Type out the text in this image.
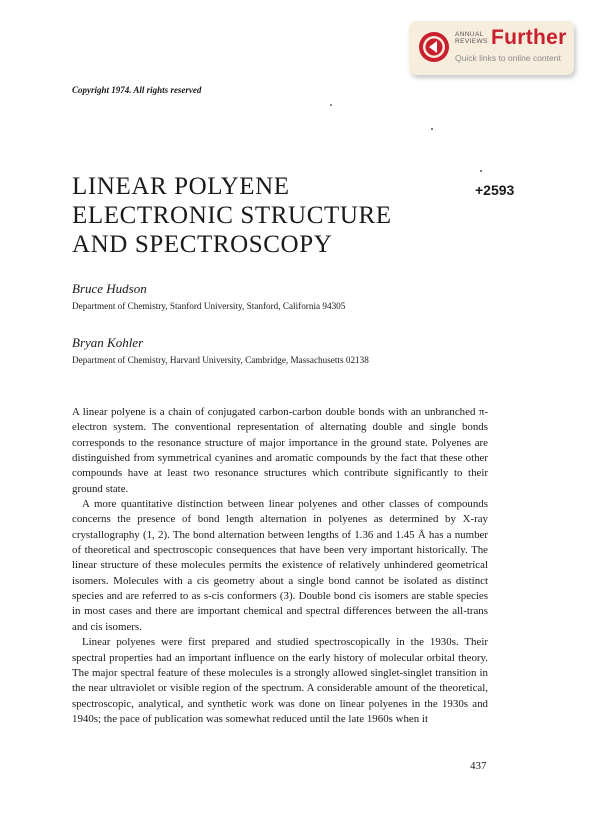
ANNUAL
REVIEWS Further
Quick links to online content
Copyright 1974. All rights reserved
LINEAR POLYENE
ELECTRONIC STRUCTURE
AND SPECTROSCOPY
+2593
Bruce Hudson
Department of Chemistry, Stanford University, Stanford, California 94305
Bryan Kohler
Department of Chemistry, Harvard University, Cambridge, Massachusetts 02138

A linear polyene is a chain of conjugated carbon-carbon double bonds with an unbranched π-electron system. The conventional representation of alternating double and single bonds corresponds to the resonance structure of major importance in the ground state. Polyenes are distinguished from symmetrical cyanines and aromatic compounds by the fact that these other compounds have at least two resonance structures which contribute significantly to their ground state.

A more quantitative distinction between linear polyenes and other classes of compounds concerns the presence of bond length alternation in polyenes as determined by X-ray crystallography (1, 2). The bond alternation between lengths of 1.36 and 1.45 Å has a number of theoretical and spectroscopic consequences that have been very important historically. The linear structure of these molecules permits the existence of relatively unhindered geometrical isomers. Molecules with a cis geometry about a single bond cannot be isolated as distinct species and are referred to as s-cis conformers (3). Double bond cis isomers are stable species in most cases and there are important chemical and spectral differences between the all-trans and cis isomers.

Linear polyenes were first prepared and studied spectroscopically in the 1930s. Their spectral properties had an important influence on the early history of molecular orbital theory. The major spectral feature of these molecules is a strongly allowed singlet-singlet transition in the near ultraviolet or visible region of the spectrum. A considerable amount of the theoretical, spectroscopic, analytical, and synthetic work was done on linear polyenes in the 1930s and 1940s; the pace of publication was somewhat reduced until the late 1960s when it

437
